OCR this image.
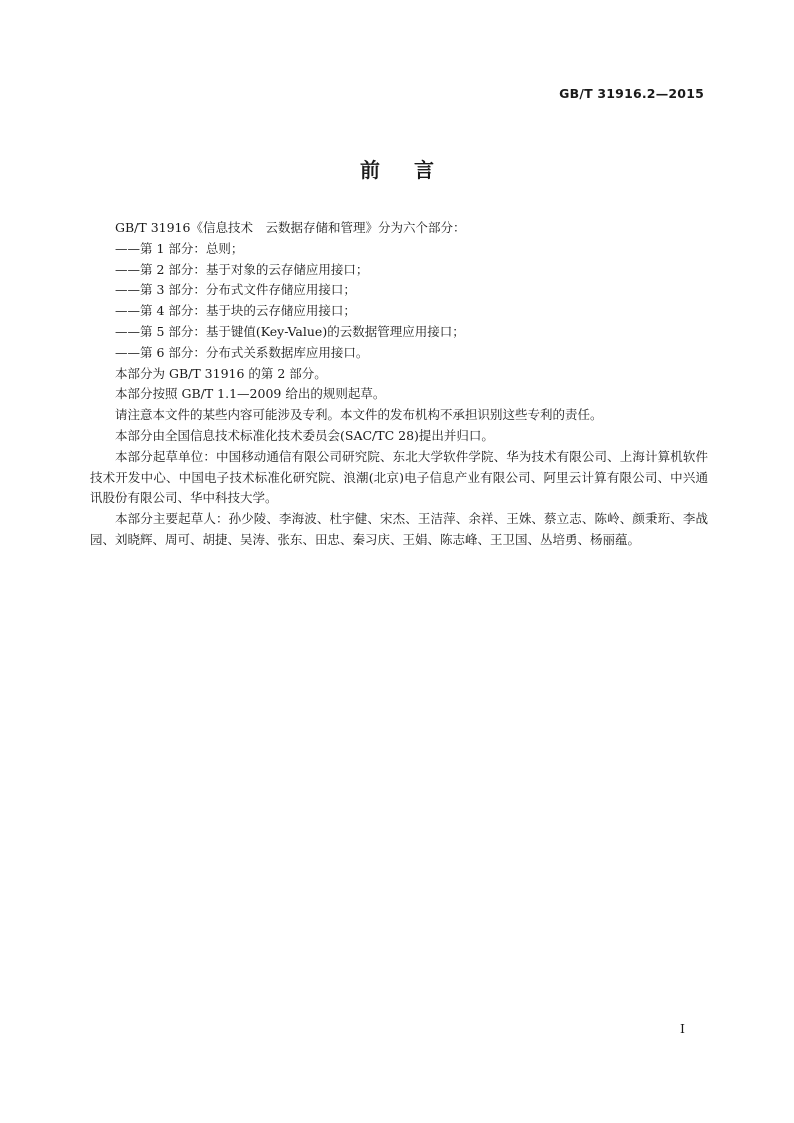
GB/T 31916.2—2015
前言

GB/T 31916《信息技术　云数据存储和管理》分为六个部分：

——第 1 部分：总则；

——第 2 部分：基于对象的云存储应用接口；

——第 3 部分：分布式文件存储应用接口；

——第 4 部分：基于块的云存储应用接口；

——第 5 部分：基于键值(Key-Value)的云数据管理应用接口；

——第 6 部分：分布式关系数据库应用接口。

本部分为 GB/T 31916 的第 2 部分。

本部分按照 GB/T 1.1—2009 给出的规则起草。

请注意本文件的某些内容可能涉及专利。本文件的发布机构不承担识别这些专利的责任。

本部分由全国信息技术标准化技术委员会(SAC/TC 28)提出并归口。

本部分起草单位：中国移动通信有限公司研究院、东北大学软件学院、华为技术有限公司、上海计算机软件技术开发中心、中国电子技术标准化研究院、浪潮(北京)电子信息产业有限公司、阿里云计算有限公司、中兴通讯股份有限公司、华中科技大学。

本部分主要起草人：孙少陵、李海波、杜宇健、宋杰、王洁萍、余祥、王姝、蔡立志、陈岭、颜秉珩、李战园、刘晓辉、周可、胡捷、吴涛、张东、田忠、秦习庆、王娟、陈志峰、王卫国、丛培勇、杨丽蕴。

I
